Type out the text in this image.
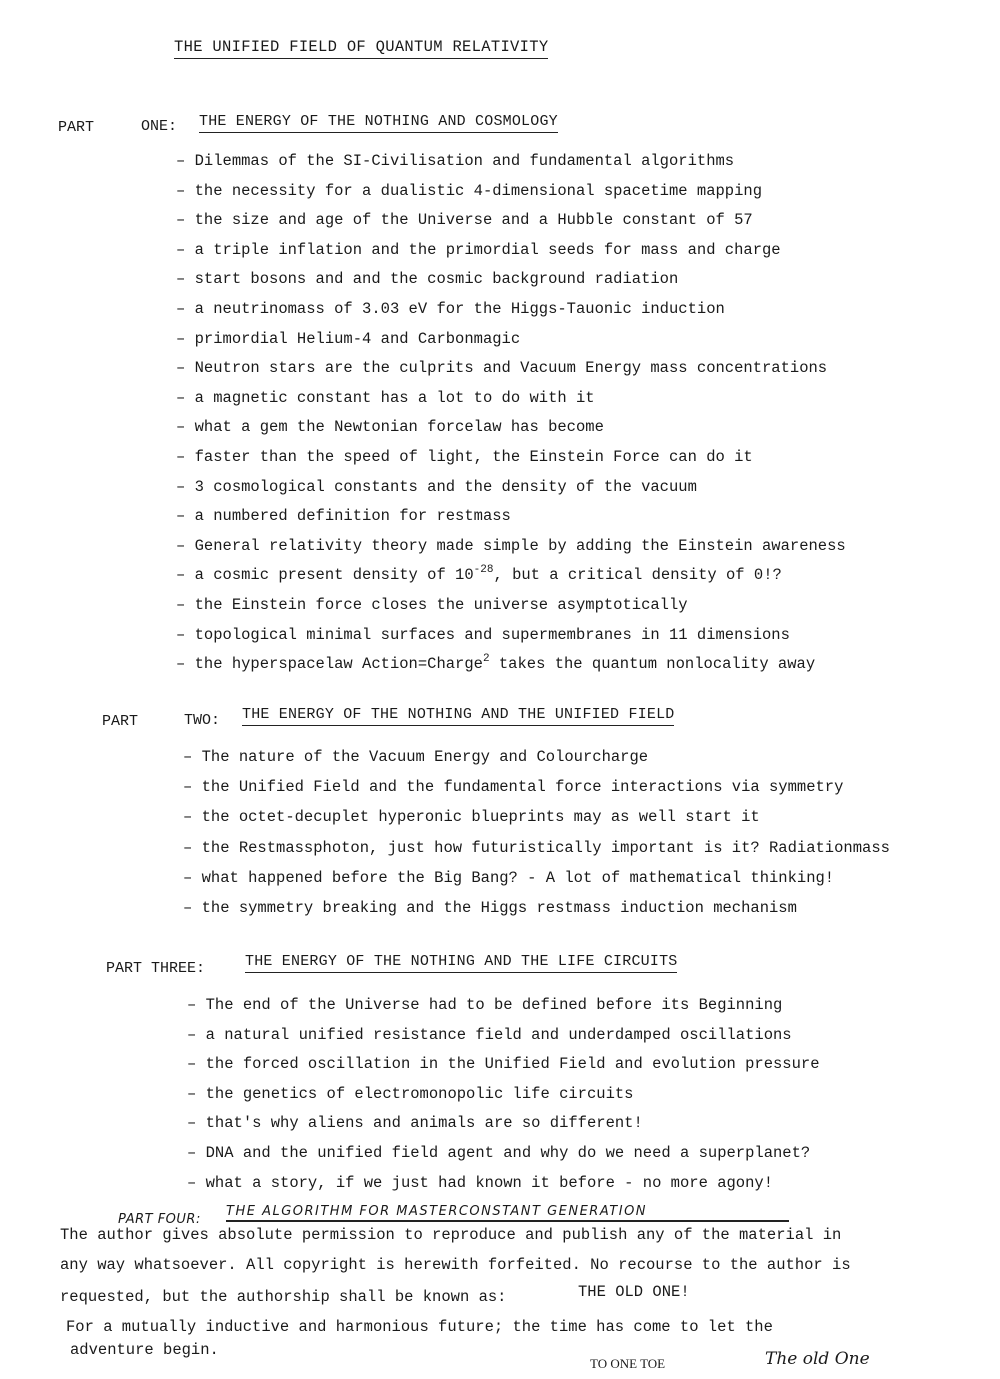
THE UNIFIED FIELD OF QUANTUM RELATIVITY
PART	ONE: THE ENERGY OF THE NOTHING AND COSMOLOGY
– Dilemmas of the SI-Civilisation and fundamental algorithms
– the necessity for a dualistic 4-dimensional spacetime mapping
– the size and age of the Universe and a Hubble constant of 57
– a triple inflation and the primordial seeds for mass and charge
– start bosons and and the cosmic background radiation
– a neutrinomass of 3.03 eV for the Higgs-Tauonic induction
– primordial Helium-4 and Carbonmagic
– Neutron stars are the culprits and Vacuum Energy mass concentrations
– a magnetic constant has a lot to do with it
– what a gem the Newtonian forcelaw has become
– faster than the speed of light, the Einstein Force can do it
– 3 cosmological constants and the density of the vacuum
– a numbered definition for restmass
– General relativity theory made simple by adding the Einstein awareness
– a cosmic present density of $10^{-28}$, but a critical density of 0!?
– the Einstein force closes the universe asymptotically
– topological minimal surfaces and supermembranes in 11 dimensions
– the hyperspacelaw Action=Charge$^2$ takes the quantum nonlocality away
PART	TWO: THE ENERGY OF THE NOTHING AND THE UNIFIED FIELD
– The nature of the Vacuum Energy and Colourcharge
– the Unified Field and the fundamental force interactions via symmetry
– the octet-decuplet hyperonic blueprints may as well start it
– the Restmassphoton, just how futuristically important is it? Radiationmass
– what happened before the Big Bang? - A lot of mathematical thinking!
– the symmetry breaking and the Higgs restmass induction mechanism
PART THREE:	THE ENERGY OF THE NOTHING AND THE LIFE CIRCUITS
– The end of the Universe had to be defined before its Beginning
– a natural unified resistance field and underdamped oscillations
– the forced oscillation in the Unified Field and evolution pressure
– the genetics of electromonopolic life circuits
– that's why aliens and animals are so different!
– DNA and the unified field agent and why do we need a superplanet?
– what a story, if we just had known it before - no more agony!
PART FOUR:
THE ALGORITHM FOR MASTERCONSTANT GENERATION
The author gives absolute permission to reproduce and publish any of the material in
any way whatsoever. All copyright is herewith forfeited. No recourse to the author is
requested, but the authorship shall be known as:	THE OLD ONE!
For a mutually inductive and harmonious future; the time has come to let the
adventure begin.
TO ONE TOE	The old One
